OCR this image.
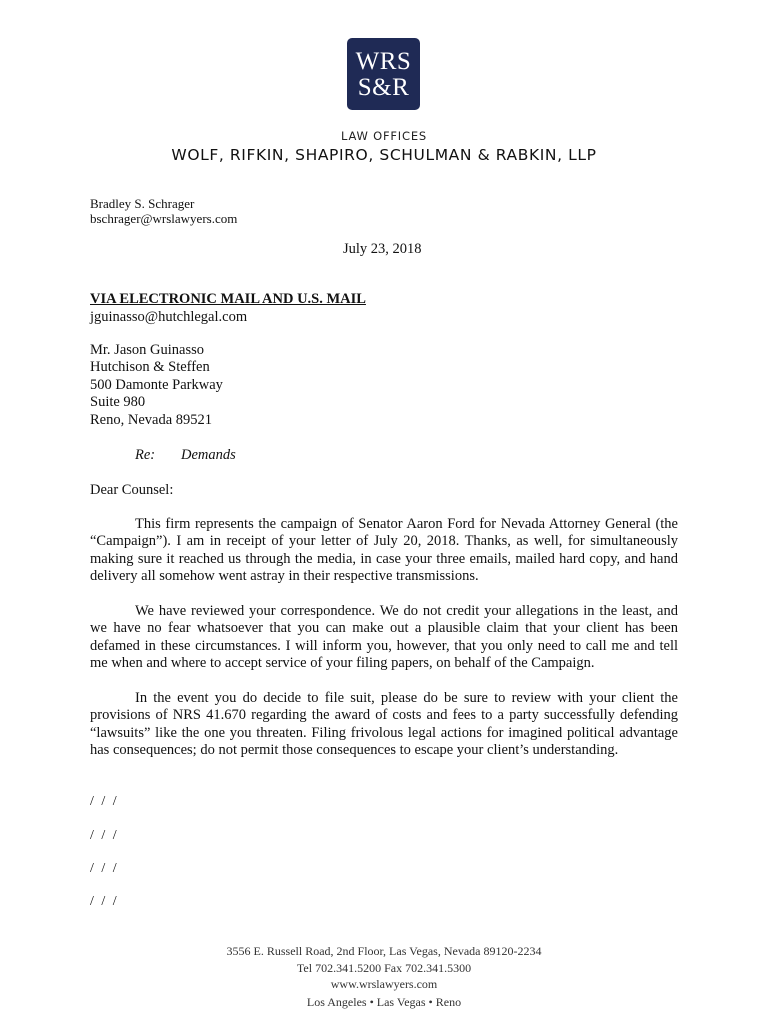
WRS
S&R
LAW OFFICES
WOLF, RIFKIN, SHAPIRO, SCHULMAN & RABKIN, LLP
Bradley S. Schrager
bschrager@wrslawyers.com
July 23, 2018
VIA ELECTRONIC MAIL AND U.S. MAIL
jguinasso@hutchlegal.com
Mr. Jason Guinasso
Hutchison & Steffen
500 Damonte Parkway
Suite 980
Reno, Nevada 89521
Re: Demands
Dear Counsel:

This firm represents the campaign of Senator Aaron Ford for Nevada Attorney General (the “Campaign”). I am in receipt of your letter of July 20, 2018. Thanks, as well, for simultaneously making sure it reached us through the media, in case your three emails, mailed hard copy, and hand delivery all somehow went astray in their respective transmissions.

We have reviewed your correspondence. We do not credit your allegations in the least, and we have no fear whatsoever that you can make out a plausible claim that your client has been defamed in these circumstances. I will inform you, however, that you only need to call me and tell me when and where to accept service of your filing papers, on behalf of the Campaign.

In the event you do decide to file suit, please do be sure to review with your client the provisions of NRS 41.670 regarding the award of costs and fees to a party successfully defending “lawsuits” like the one you threaten. Filing frivolous legal actions for imagined political advantage has consequences; do not permit those consequences to escape your client’s understanding.

/ / /
/ / /
/ / /
/ / /
3556 E. Russell Road, 2nd Floor, Las Vegas, Nevada 89120-2234
Tel 702.341.5200 Fax 702.341.5300
www.wrslawyers.com
Los Angeles • Las Vegas • Reno
